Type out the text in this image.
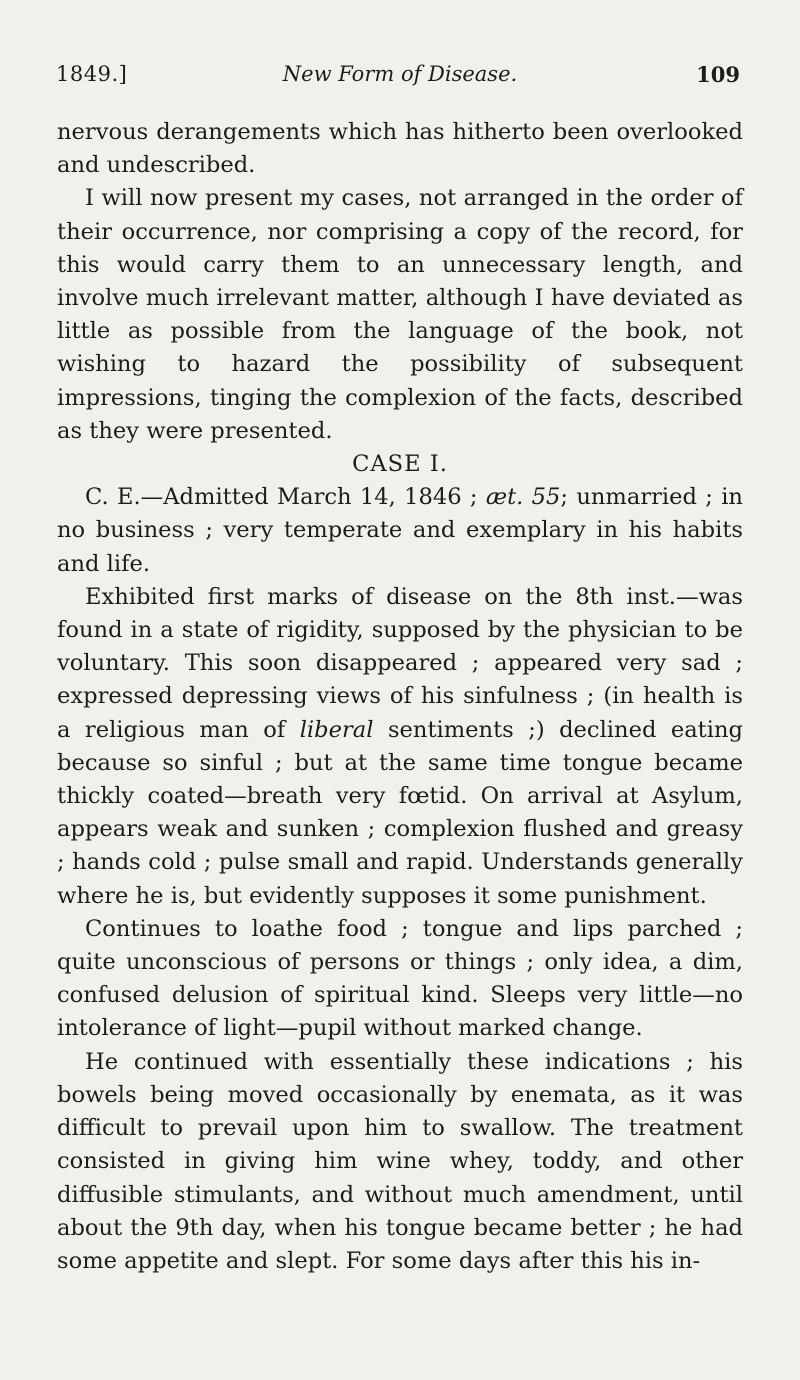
1849.]	New Form of Disease.	109

nervous derangements which has hitherto been overlooked and undescribed.

I will now present my cases, not arranged in the order of their occurrence, nor comprising a copy of the record, for this would carry them to an unnecessary length, and involve much irrelevant matter, although I have deviated as little as possible from the language of the book, not wishing to hazard the possibility of subsequent impressions, tinging the complexion of the facts, described as they were presented.

CASE I.

C. E.—Admitted March 14, 1846 ; æt. 55; unmarried ; in no business ; very temperate and exemplary in his habits and life.

Exhibited first marks of disease on the 8th inst.—was found in a state of rigidity, supposed by the physician to be voluntary. This soon disappeared ; appeared very sad ; expressed depressing views of his sinfulness ; (in health is a religious man of liberal sentiments ;) declined eating because so sinful ; but at the same time tongue became thickly coated—breath very fœtid. On arrival at Asylum, appears weak and sunken ; complexion flushed and greasy ; hands cold ; pulse small and rapid. Understands generally where he is, but evidently supposes it some punishment.

Continues to loathe food ; tongue and lips parched ; quite unconscious of persons or things ; only idea, a dim, confused delusion of spiritual kind. Sleeps very little—no intolerance of light—pupil without marked change.

He continued with essentially these indications ; his bowels being moved occasionally by enemata, as it was difficult to prevail upon him to swallow. The treatment consisted in giving him wine whey, toddy, and other diffusible stimulants, and without much amendment, until about the 9th day, when his tongue became better ; he had some appetite and slept. For some days after this his in-
